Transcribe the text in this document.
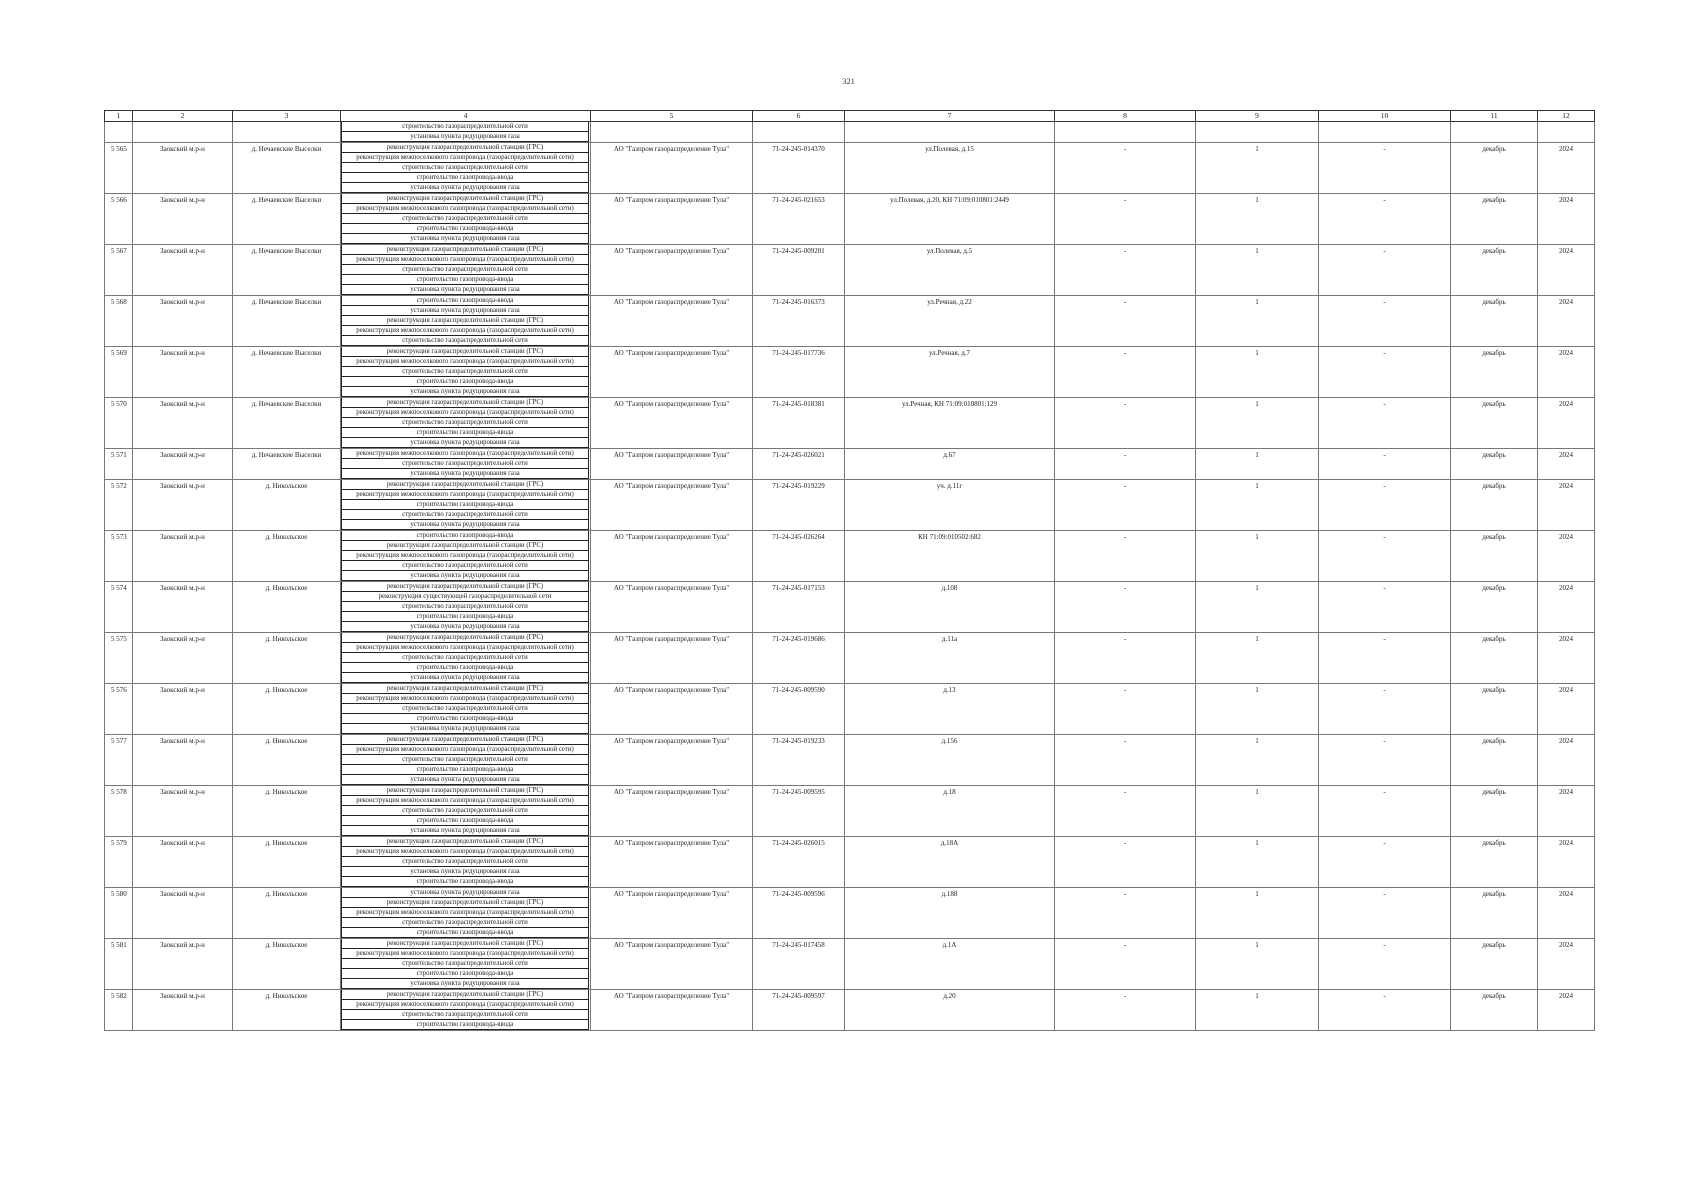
321
1	2	3	4	5	6	7	8	9	10	11	12

			строительство газораспределительной сети
установка пункта редуцирования газа								

5 565	Заокский м.р-н	д. Нечаевские Выселки	реконструкция газораспределительной станции (ГРС)
реконструкция межпоселкового газопровода (газораспределительной сети)
строительство газораспределительной сети
строительство газопровода-ввода
установка пункта редуцирования газа	АО "Газпром газораспределение Тула"	71-24-245-014370	ул.Полевая, д.15	-	1	-	декабрь	2024
5 566	Заокский м.р-н	д. Нечаевские Выселки	реконструкция газораспределительной станции (ГРС)
реконструкция межпоселкового газопровода (газораспределительной сети)
строительство газораспределительной сети
строительство газопровода-ввода
установка пункта редуцирования газа	АО "Газпром газораспределение Тула"	71-24-245-021653	ул.Полевая, д.20, КН 71:09:010801:2449	-	1	-	декабрь	2024
5 567	Заокский м.р-н	д. Нечаевские Выселки	реконструкция газораспределительной станции (ГРС)
реконструкция межпоселкового газопровода (газораспределительной сети)
строительство газораспределительной сети
строительство газопровода-ввода
установка пункта редуцирования газа	АО "Газпром газораспределение Тула"	71-24-245-009201	ул.Полевая, д.5	-	1	-	декабрь	2024
5 568	Заокский м.р-н	д. Нечаевские Выселки	строительство газопровода-ввода
установка пункта редуцирования газа
реконструкция газораспределительной станции (ГРС)
реконструкция межпоселкового газопровода (газораспределительной сети)
строительство газораспределительной сети	АО "Газпром газораспределение Тула"	71-24-245-016373	ул.Речная, д.22	-	1	-	декабрь	2024
5 569	Заокский м.р-н	д. Нечаевские Выселки	реконструкция газораспределительной станции (ГРС)
реконструкция межпоселкового газопровода (газораспределительной сети)
строительство газораспределительной сети
строительство газопровода-ввода
установка пункта редуцирования газа	АО "Газпром газораспределение Тула"	71-24-245-017736	ул.Речная, д.7	-	1	-	декабрь	2024
5 570	Заокский м.р-н	д. Нечаевские Выселки	реконструкция газораспределительной станции (ГРС)
реконструкция межпоселкового газопровода (газораспределительной сети)
строительство газораспределительной сети
строительство газопровода-ввода
установка пункта редуцирования газа	АО "Газпром газораспределение Тула"	71-24-245-018381	ул.Речная, КН 71:09:010801:129	-	1	-	декабрь	2024
5 571	Заокский м.р-н	д. Нечаевские Выселки	реконструкция межпоселкового газопровода (газораспределительной сети)
строительство газораспределительной сети
установка пункта редуцирования газа	АО "Газпром газораспределение Тула"	71-24-245-026021	д.67	-	1	-	декабрь	2024
5 572	Заокский м.р-н	д. Никольское	реконструкция газораспределительной станции (ГРС)
реконструкция межпоселкового газопровода (газораспределительной сети)
строительство газопровода-ввода
строительство газораспределительной сети
установка пункта редуцирования газа	АО "Газпром газораспределение Тула"	71-24-245-019229	уч. д.11г	-	1	-	декабрь	2024
5 573	Заокский м.р-н	д. Никольское	строительство газопровода-ввода
реконструкция газораспределительной станции (ГРС)
реконструкция межпоселкового газопровода (газораспределительной сети)
строительство газораспределительной сети
установка пункта редуцирования газа	АО "Газпром газораспределение Тула"	71-24-245-026264	КН 71:09:010502:682	-	1	-	декабрь	2024
5 574	Заокский м.р-н	д. Никольское	реконструкция газораспределительной станции (ГРС)
реконструкция существующей газораспределительной сети
строительство газораспределительной сети
строительство газопровода-ввода
установка пункта редуцирования газа	АО "Газпром газораспределение Тула"	71-24-245-017153	д.108	-	1	-	декабрь	2024
5 575	Заокский м.р-н	д. Никольское	реконструкция газораспределительной станции (ГРС)
реконструкция межпоселкового газопровода (газораспределительной сети)
строительство газораспределительной сети
строительство газопровода-ввода
установка пункта редуцирования газа	АО "Газпром газораспределение Тула"	71-24-245-019686	д.11а	-	1	-	декабрь	2024
5 576	Заокский м.р-н	д. Никольское	реконструкция газораспределительной станции (ГРС)
реконструкция межпоселкового газопровода (газораспределительной сети)
строительство газораспределительной сети
строительство газопровода-ввода
установка пункта редуцирования газа	АО "Газпром газораспределение Тула"	71-24-245-009590	д.13	-	1	-	декабрь	2024
5 577	Заокский м.р-н	д. Никольское	реконструкция газораспределительной станции (ГРС)
реконструкция межпоселкового газопровода (газораспределительной сети)
строительство газораспределительной сети
строительство газопровода-ввода
установка пункта редуцирования газа	АО "Газпром газораспределение Тула"	71-24-245-019233	д.156	-	1	-	декабрь	2024
5 578	Заокский м.р-н	д. Никольское	реконструкция газораспределительной станции (ГРС)
реконструкция межпоселкового газопровода (газораспределительной сети)
строительство газораспределительной сети
строительство газопровода-ввода
установка пункта редуцирования газа	АО "Газпром газораспределение Тула"	71-24-245-009595	д.18	-	1	-	декабрь	2024
5 579	Заокский м.р-н	д. Никольское	реконструкция газораспределительной станции (ГРС)
реконструкция межпоселкового газопровода (газораспределительной сети)
строительство газораспределительной сети
установка пункта редуцирования газа
строительство газопровода-ввода	АО "Газпром газораспределение Тула"	71-24-245-026015	д.18А	-	1	-	декабрь	2024
5 580	Заокский м.р-н	д. Никольское	установка пункта редуцирования газа
реконструкция газораспределительной станции (ГРС)
реконструкция межпоселкового газопровода (газораспределительной сети)
строительство газораспределительной сети
строительство газопровода-ввода	АО "Газпром газораспределение Тула"	71-24-245-009596	д.188	-	1	-	декабрь	2024
5 581	Заокский м.р-н	д. Никольское	реконструкция газораспределительной станции (ГРС)
реконструкция межпоселкового газопровода (газораспределительной сети)
строительство газораспределительной сети
строительство газопровода-ввода
установка пункта редуцирования газа	АО "Газпром газораспределение Тула"	71-24-245-017458	д.1А	-	1	-	декабрь	2024
5 582	Заокский м.р-н	д. Никольское	реконструкция газораспределительной станции (ГРС)
реконструкция межпоселкового газопровода (газораспределительной сети)
строительство газораспределительной сети
строительство газопровода-ввода	АО "Газпром газораспределение Тула"	71-24-245-009597	д.20	-	1	-	декабрь	2024
